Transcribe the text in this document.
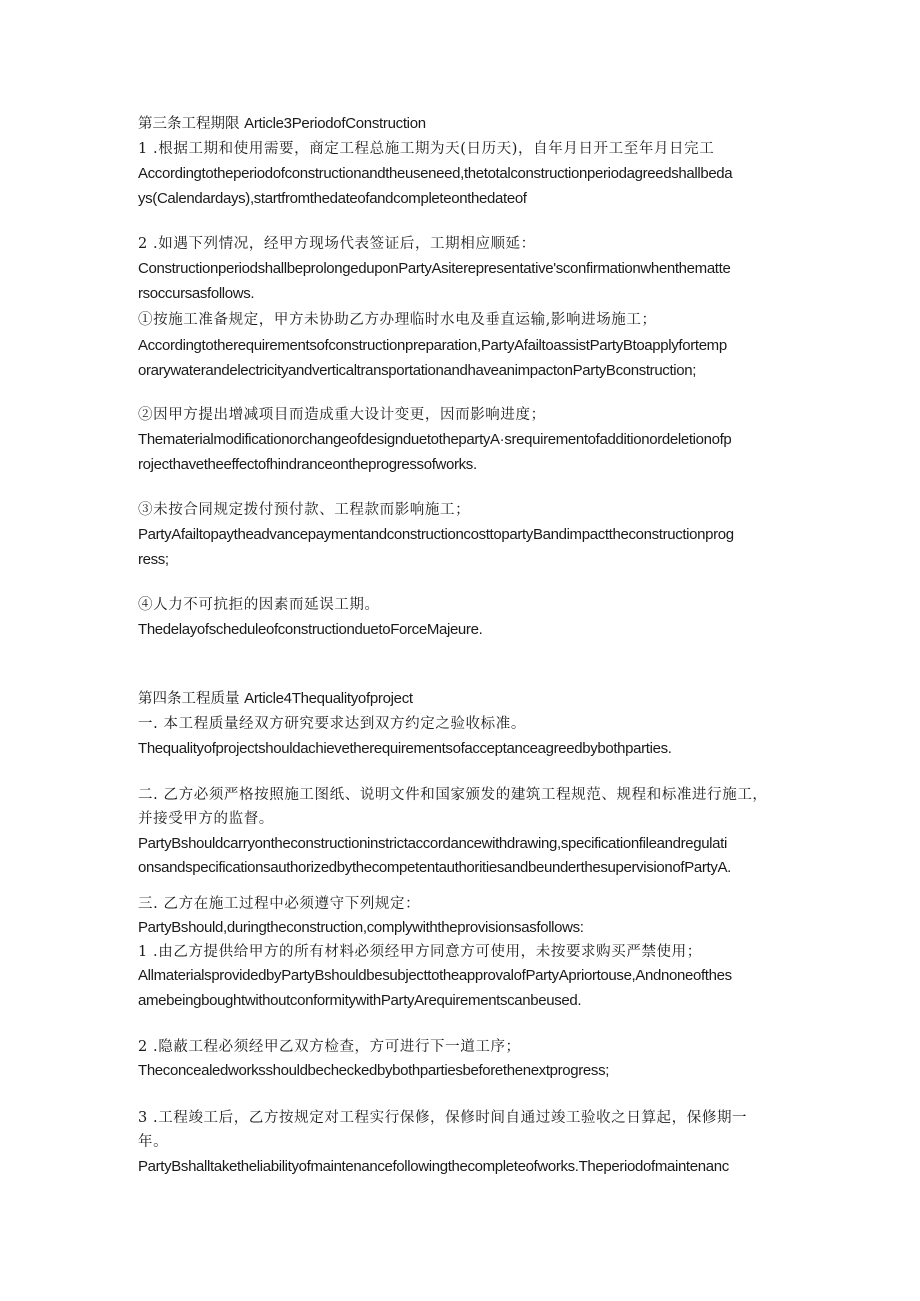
第三条工程期限 Article3PeriodofConstruction
1 .根据工期和使用需要，商定工程总施工期为天(日历天)，自年月日开工至年月日完工
Accordingtotheperiodofconstructionandtheuseneed,thetotalconstructionperiodagreedshallbeda
ys(Calendardays),startfromthedateofandcompleteonthedateof
2 .如遇下列情况，经甲方现场代表签证后，工期相应顺延：
ConstructionperiodshallbeprolongeduponPartyAsiterepresentative'sconfirmationwhenthematte
rsoccursasfollows.
①按施工准备规定，甲方未协助乙方办理临时水电及垂直运输,影响进场施工；
Accordingtotherequirementsofconstructionpreparation,PartyAfailtoassistPartyBtoapplyfortemp
orarywaterandelectricityandverticaltransportationandhaveanimpactonPartyBconstruction;
②因甲方提出增减项目而造成重大设计变更，因而影响进度；
ThematerialmodificationorchangeofdesignduetothepartyA·srequirementofadditionordeletionofp
rojecthavetheeffectofhindranceontheprogressofworks.
③未按合同规定拨付预付款、工程款而影响施工；
PartyAfailtopaytheadvancepaymentandconstructioncosttopartyBandimpacttheconstructionprog
ress;
④人力不可抗拒的因素而延误工期。
ThedelayofscheduleofconstructionduetoForceMajeure.
第四条工程质量 Article4Thequalityofproject
一. 本工程质量经双方研究要求达到双方约定之验收标准。
Thequalityofprojectshouldachievetherequirementsofacceptanceagreedbybothparties.
二. 乙方必须严格按照施工图纸、说明文件和国家颁发的建筑工程规范、规程和标准进行施工，
并接受甲方的监督。
PartyBshouldcarryontheconstructioninstrictaccordancewithdrawing,specificationfileandregulati
onsandspecificationsauthorizedbythecompetentauthoritiesandbeunderthesupervisionofPartyA.
三. 乙方在施工过程中必须遵守下列规定：
PartyBshould,duringtheconstruction,complywiththeprovisionsasfollows:
1 .由乙方提供给甲方的所有材料必须经甲方同意方可使用，未按要求购买严禁使用；
AllmaterialsprovidedbyPartyBshouldbesubjecttotheapprovalofPartyApriortouse,Andnoneofthes
amebeingboughtwithoutconformitywithPartyArequirementscanbeused.
2 .隐蔽工程必须经甲乙双方检查，方可进行下一道工序；
Theconcealedworksshouldbecheckedbybothpartiesbeforethenextprogress;
3 .工程竣工后，乙方按规定对工程实行保修，保修时间自通过竣工验收之日算起，保修期一
年。
PartyBshalltaketheliabilityofmaintenancefollowingthecompleteofworks.Theperiodofmaintenanc
